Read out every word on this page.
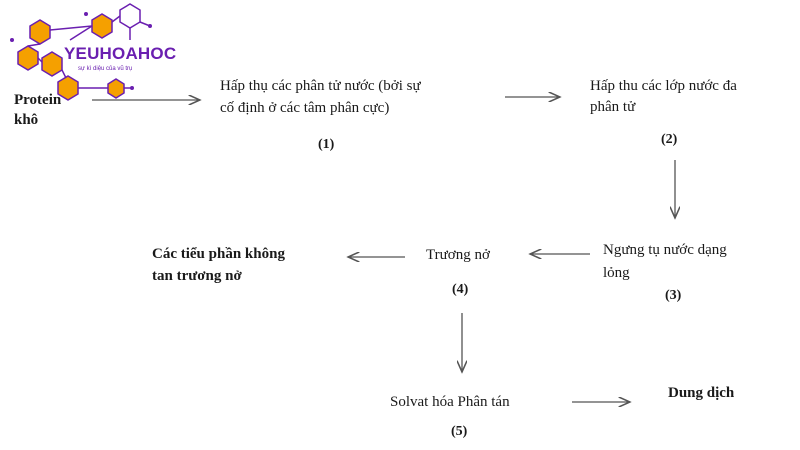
YEUHOAHOC
sự kì diệu của vũ trụ
Protein
khô
Hấp thụ các phân tử nước (bởi sự
cố định ở các tâm phân cực)
(1)
Hấp thu các lớp nước đa
phân tử
(2)
Ngưng tụ nước dạng
lỏng
(3)
Trương nở
(4)
Các tiểu phần không
tan trương nở
Solvat hóa Phân tán
(5)
Dung dịch
